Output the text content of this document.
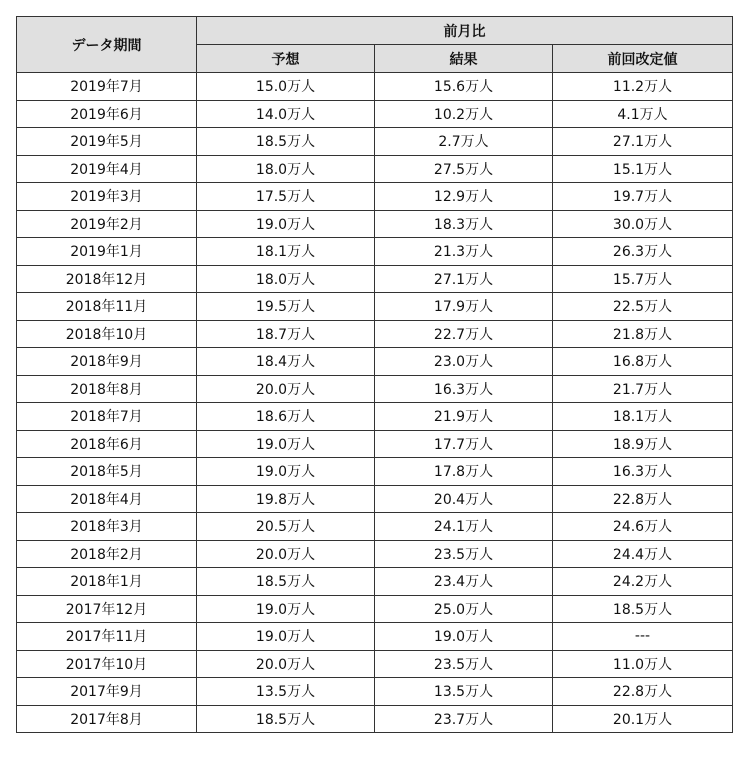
データ期間	前月比		
	予想	結果	前回改定値
2019年7月	15.0万人	15.6万人	11.2万人
2019年6月	14.0万人	10.2万人	4.1万人
2019年5月	18.5万人	2.7万人	27.1万人
2019年4月	18.0万人	27.5万人	15.1万人
2019年3月	17.5万人	12.9万人	19.7万人
2019年2月	19.0万人	18.3万人	30.0万人
2019年1月	18.1万人	21.3万人	26.3万人
2018年12月	18.0万人	27.1万人	15.7万人
2018年11月	19.5万人	17.9万人	22.5万人
2018年10月	18.7万人	22.7万人	21.8万人
2018年9月	18.4万人	23.0万人	16.8万人
2018年8月	20.0万人	16.3万人	21.7万人
2018年7月	18.6万人	21.9万人	18.1万人
2018年6月	19.0万人	17.7万人	18.9万人
2018年5月	19.0万人	17.8万人	16.3万人
2018年4月	19.8万人	20.4万人	22.8万人
2018年3月	20.5万人	24.1万人	24.6万人
2018年2月	20.0万人	23.5万人	24.4万人
2018年1月	18.5万人	23.4万人	24.2万人
2017年12月	19.0万人	25.0万人	18.5万人
2017年11月	19.0万人	19.0万人	---
2017年10月	20.0万人	23.5万人	11.0万人
2017年9月	13.5万人	13.5万人	22.8万人
2017年8月	18.5万人	23.7万人	20.1万人
